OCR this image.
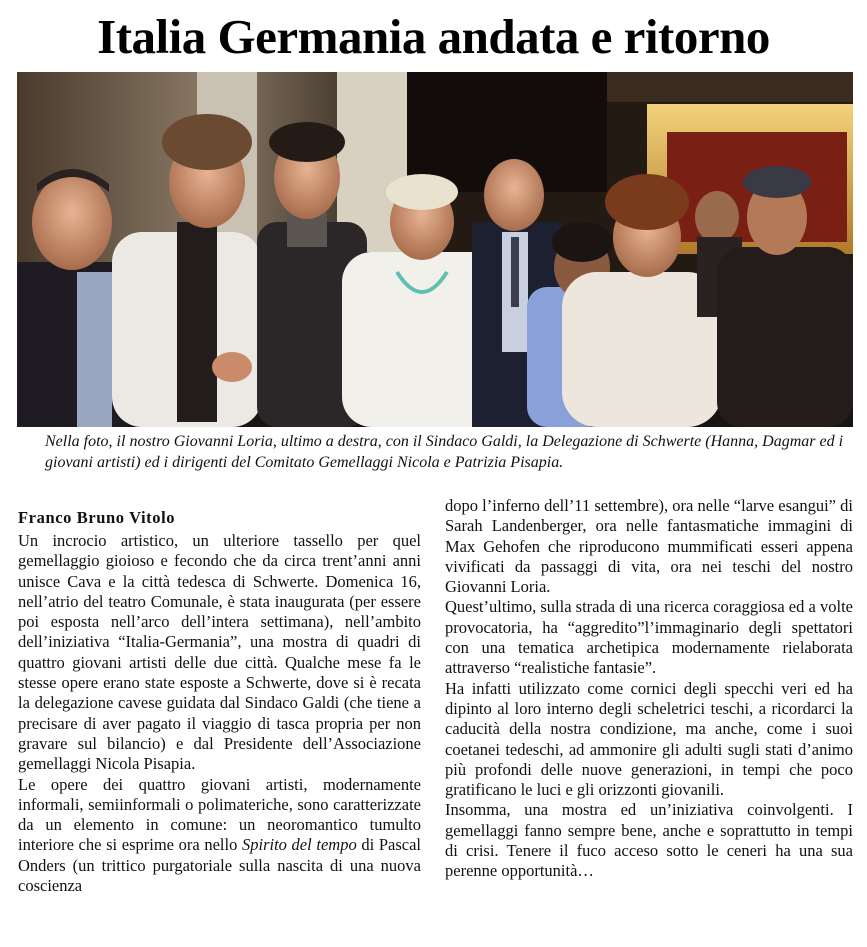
Italia Germania andata e ritorno

Nella foto, il nostro Giovanni Loria, ultimo a destra, con il Sindaco Galdi, la Delegazione di Schwerte (Hanna, Dagmar ed i giovani artisti) ed i dirigenti del Comitato Gemellaggi Nicola e Patrizia Pisapia.

Franco Bruno Vitolo

Un incrocio artistico, un ulteriore tassello per quel gemellaggio gioioso e fecondo che da circa trent’anni anni unisce Cava e la città tedesca di Schwerte. Domenica 16, nell’atrio del teatro Comunale, è stata inaugurata (per essere poi esposta nell’arco dell’intera settimana), nell’ambito dell’iniziativa “Italia-Germania”, una mostra di quadri di quattro giovani artisti delle due città. Qualche mese fa le stesse opere erano state esposte a Schwerte, dove si è recata la delegazione cavese guidata dal Sindaco Galdi (che tiene a precisare di aver pagato il viaggio di tasca propria per non gravare sul bilancio) e dal Presidente dell’Associazione gemellaggi Nicola Pisapia.

Le opere dei quattro giovani artisti, modernamente informali, semiinformali o polimateriche, sono caratterizzate da un elemento in comune: un neoromantico tumulto interiore che si esprime ora nello Spirito del tempo di Pascal Onders (un trittico purgatoriale sulla nascita di una nuova coscienza

dopo l’inferno dell’11 settembre), ora nelle “larve esangui” di Sarah Landenberger, ora nelle fantasmatiche immagini di Max Gehofen che riproducono mummificati esseri appena vivificati da passaggi di vita, ora nei teschi del nostro Giovanni Loria.

Quest’ultimo, sulla strada di una ricerca coraggiosa ed a volte provocatoria, ha “aggredito”l’immaginario degli spettatori con una tematica archetipica modernamente rielaborata attraverso “realistiche fantasie”.

Ha infatti utilizzato come cornici degli specchi veri ed ha dipinto al loro interno degli scheletrici teschi, a ricordarci la caducità della nostra condizione, ma anche, come i suoi coetanei tedeschi, ad ammonire gli adulti sugli stati d’animo più profondi delle nuove generazioni, in tempi che poco gratificano le luci e gli orizzonti giovanili.

Insomma, una mostra ed un’iniziativa coinvolgenti. I gemellaggi fanno sempre bene, anche e soprattutto in tempi di crisi. Tenere il fuco acceso sotto le ceneri ha una sua perenne opportunità…
